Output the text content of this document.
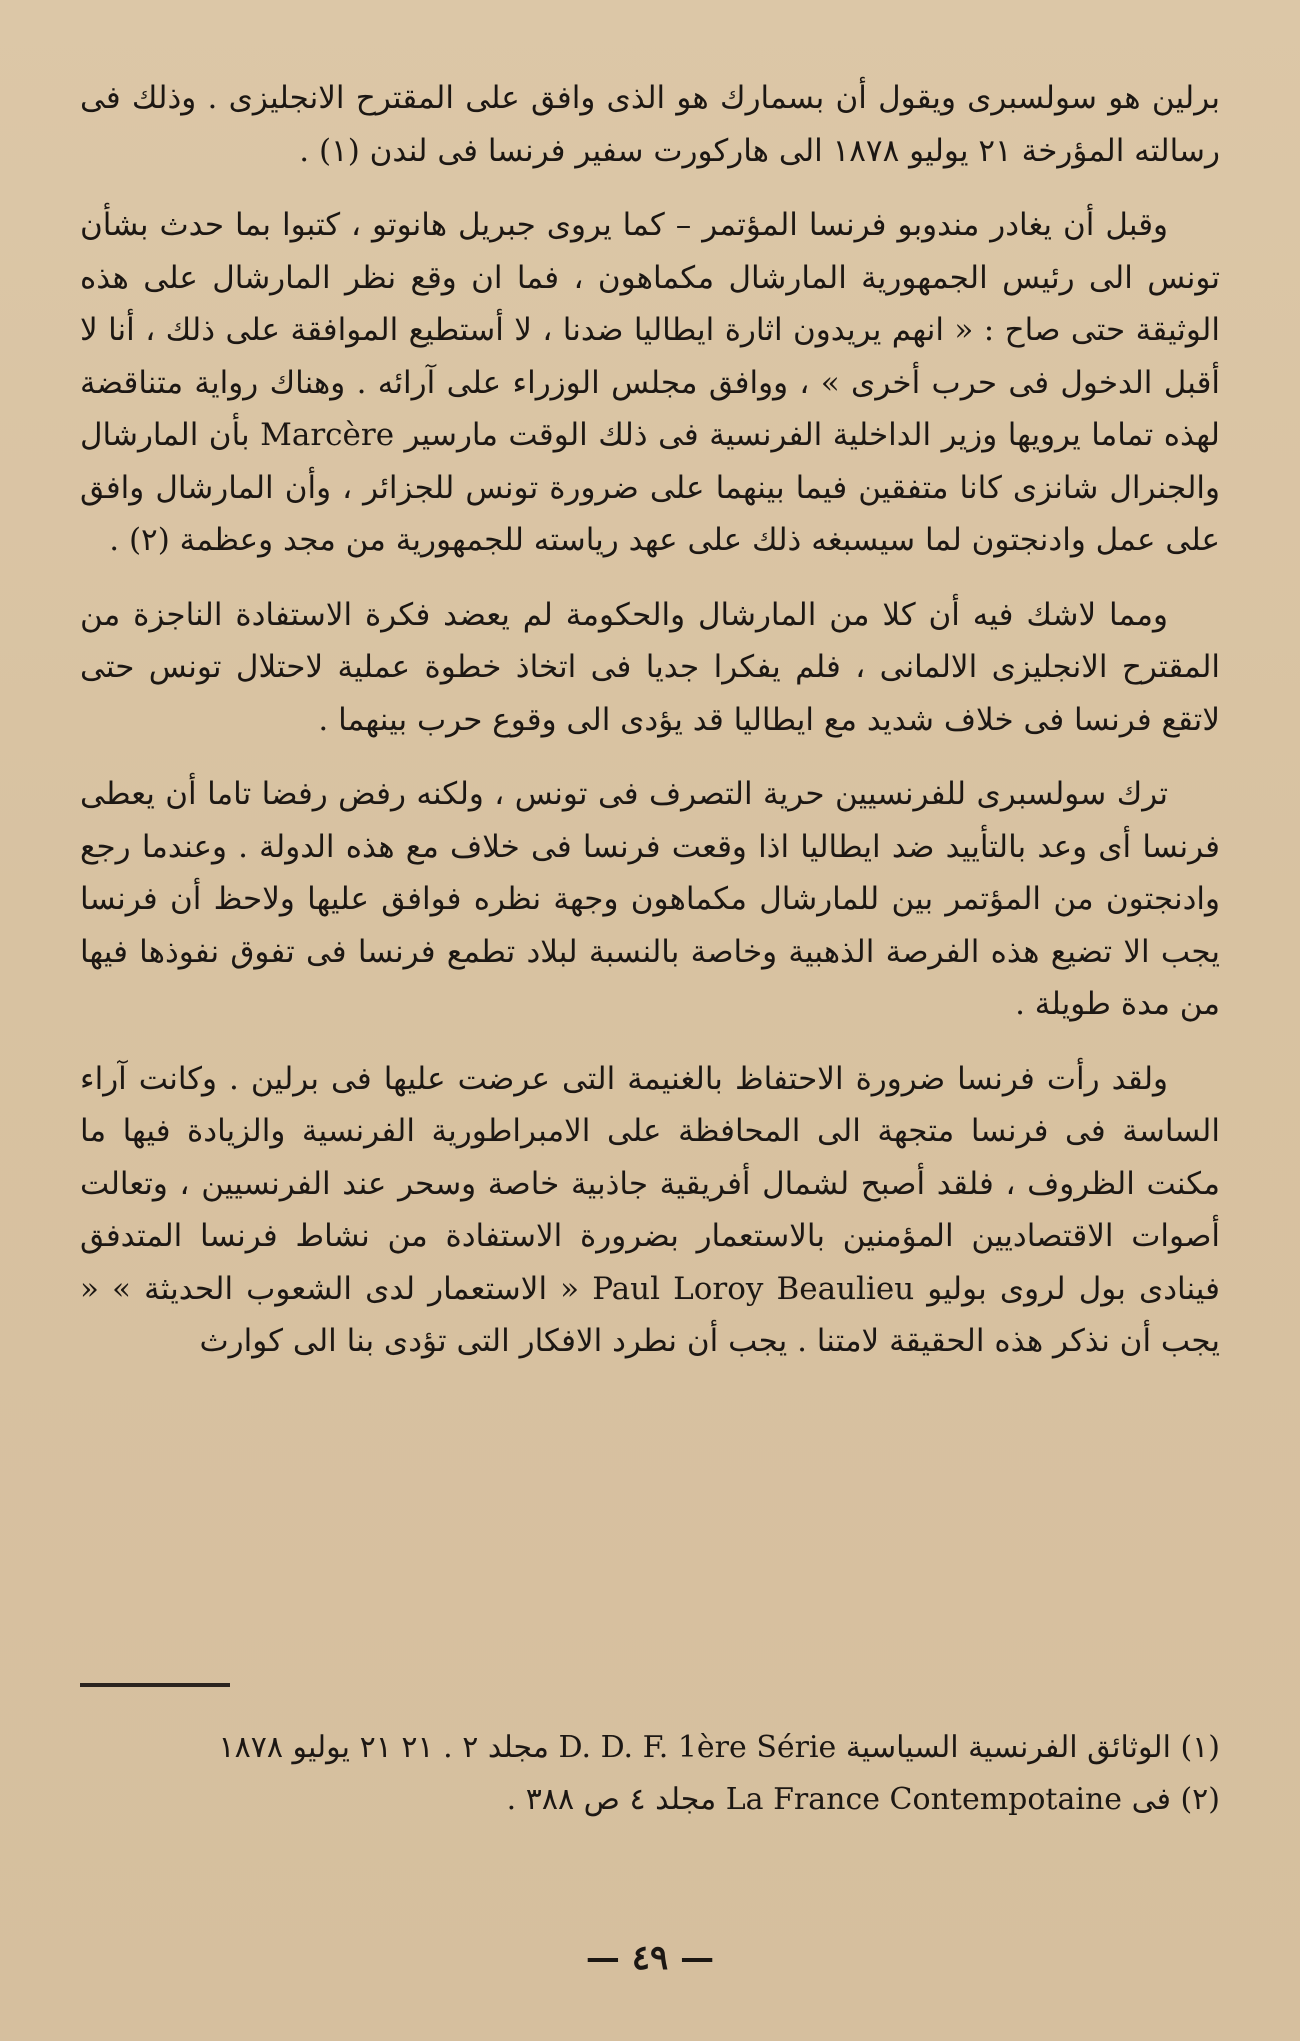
برلين هو سولسبرى ويقول أن بسمارك هو الذى وافق على المقترح الانجليزى . وذلك فى رسالته المؤرخة ٢١ يوليو ١٨٧٨ الى هاركورت سفير فرنسا فى لندن (١) .

وقبل أن يغادر مندوبو فرنسا المؤتمر – كما يروى جبريل هانوتو ، كتبوا بما حدث بشأن تونس الى رئيس الجمهورية المارشال مكماهون ، فما ان وقع نظر المارشال على هذه الوثيقة حتى صاح : « انهم يريدون اثارة ايطاليا ضدنا ، لا أستطيع الموافقة على ذلك ، أنا لا أقبل الدخول فى حرب أخرى » ، ووافق مجلس الوزراء على آرائه . وهناك رواية متناقضة لهذه تماما يرويها وزير الداخلية الفرنسية فى ذلك الوقت مارسير Marcère بأن المارشال والجنرال شانزى كانا متفقين فيما بينهما على ضرورة تونس للجزائر ، وأن المارشال وافق على عمل وادنجتون لما سيسبغه ذلك على عهد رياسته للجمهورية من مجد وعظمة (٢) .

ومما لاشك فيه أن كلا من المارشال والحكومة لم يعضد فكرة الاستفادة الناجزة من المقترح الانجليزى الالمانى ، فلم يفكرا جديا فى اتخاذ خطوة عملية لاحتلال تونس حتى لاتقع فرنسا فى خلاف شديد مع ايطاليا قد يؤدى الى وقوع حرب بينهما .

ترك سولسبرى للفرنسيين حرية التصرف فى تونس ، ولكنه رفض رفضا تاما أن يعطى فرنسا أى وعد بالتأييد ضد ايطاليا اذا وقعت فرنسا فى خلاف مع هذه الدولة . وعندما رجع وادنجتون من المؤتمر بين للمارشال مكماهون وجهة نظره فوافق عليها ولاحظ أن فرنسا يجب الا تضيع هذه الفرصة الذهبية وخاصة بالنسبة لبلاد تطمع فرنسا فى تفوق نفوذها فيها من مدة طويلة .

ولقد رأت فرنسا ضرورة الاحتفاظ بالغنيمة التى عرضت عليها فى برلين . وكانت آراء الساسة فى فرنسا متجهة الى المحافظة على الامبراطورية الفرنسية والزيادة فيها ما مكنت الظروف ، فلقد أصبح لشمال أفريقية جاذبية خاصة وسحر عند الفرنسيين ، وتعالت أصوات الاقتصاديين المؤمنين بالاستعمار بضرورة الاستفادة من نشاط فرنسا المتدفق فينادى بول لروى بوليو Paul Loroy Beaulieu « الاستعمار لدى الشعوب الحديثة » « يجب أن نذكر هذه الحقيقة لامتنا . يجب أن نطرد الافكار التى تؤدى بنا الى كوارث

(١) الوثائق الفرنسية السياسية D. D. F. 1ère Série مجلد ٢ . ٢١ ٢١ يوليو ١٨٧٨

(٢) فى La France Contempotaine مجلد ٤ ص ٣٨٨ .

— ٤٩ —
